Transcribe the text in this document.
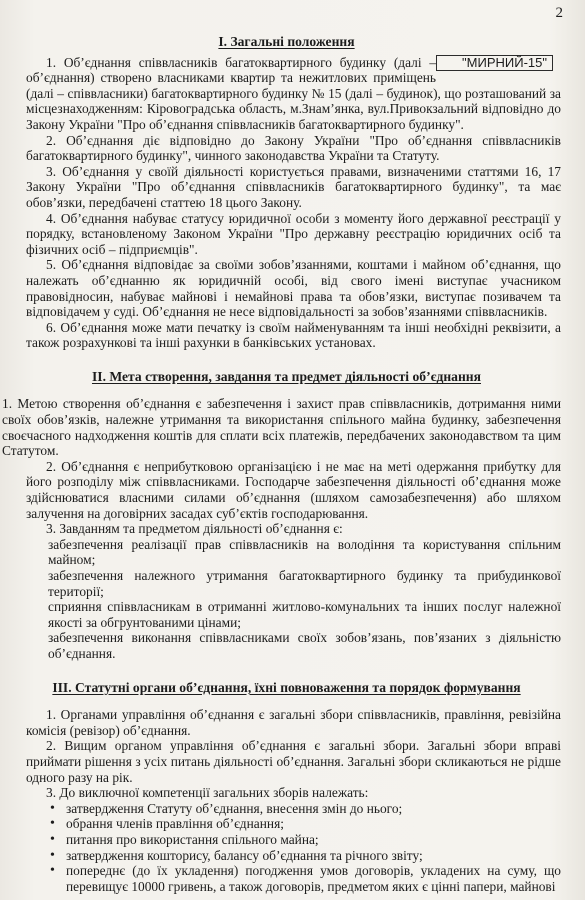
2
І. Загальні положення

"МИРНИЙ-15"
1. Об’єднання співвласників багатоквартирного будинку (далі – об’єднання) створено власниками квартир та нежитлових приміщень (далі – співвласники) багатоквартирного будинку № 15 (далі – будинок), що розташований за місцезнаходженням: Кіровоградська область, м.Знам’янка, вул.Привокзальний відповідно до Закону України "Про об’єднання співвласників багатоквартирного будинку".

2. Об’єднання діє відповідно до Закону України "Про об’єднання співвласників багатоквартирного будинку", чинного законодавства України та Статуту.

3. Об’єднання у своїй діяльності користується правами, визначеними статтями 16, 17 Закону України "Про об’єднання співвласників багатоквартирного будинку", та має обов’язки, передбачені статтею 18 цього Закону.

4. Об’єднання набуває статусу юридичної особи з моменту його державної реєстрації у порядку, встановленому Законом України "Про державну реєстрацію юридичних осіб та фізичних осіб – підприємців".

5. Об’єднання відповідає за своїми зобов’язаннями, коштами і майном об’єднання, що належать об’єднанню як юридичній особі, від свого імені виступає учасником правовідносин, набуває майнові і немайнові права та обов’язки, виступає позивачем та відповідачем у суді. Об’єднання не несе відповідальності за зобов’язаннями співвласників.

6. Об’єднання може мати печатку із своїм найменуванням та інші необхідні реквізити, а також розрахункові та інші рахунки в банківських установах.

ІІ. Мета створення, завдання та предмет діяльності об’єднання

1. Метою створення об’єднання є забезпечення і захист прав співвласників, дотримання ними своїх обов’язків, належне утримання та використання спільного майна будинку, забезпечення своєчасного надходження коштів для сплати всіх платежів, передбачених законодавством та цим Статутом.

2. Об’єднання є неприбутковою організацією і не має на меті одержання прибутку для його розподілу між співвласниками. Господарче забезпечення діяльності об’єднання може здійснюватися власними силами об’єднання (шляхом самозабезпечення) або шляхом залучення на договірних засадах суб’єктів господарювання.

3. Завданням та предметом діяльності об’єднання є:

забезпечення реалізації прав співвласників на володіння та користування спільним майном;

забезпечення належного утримання багатоквартирного будинку та прибудинкової території;

сприяння співвласникам в отриманні житлово-комунальних та інших послуг належної якості за обгрунтованими цінами;

забезпечення виконання співвласниками своїх зобов’язань, пов’язаних з діяльністю об’єднання.

ІІІ. Статутні органи об’єднання, їхні повноваження та порядок формування

1. Органами управління об’єднання є загальні збори співвласників, правління, ревізійна комісія (ревізор) об’єднання.

2. Вищим органом управління об’єднання є загальні збори. Загальні збори вправі приймати рішення з усіх питань діяльності об’єднання. Загальні збори скликаються не рідше одного разу на рік.

3. До виключної компетенції загальних зборів належать:

• затвердження Статуту об’єднання, внесення змін до нього;
• обрання членів правління об’єднання;
• питання про використання спільного майна;
• затвердження кошторису, балансу об’єднання та річного звіту;
• попереднє (до їх укладення) погодження умов договорів, укладених на суму, що перевищує 10000 гривень, а також договорів, предметом яких є цінні папери, майнові
